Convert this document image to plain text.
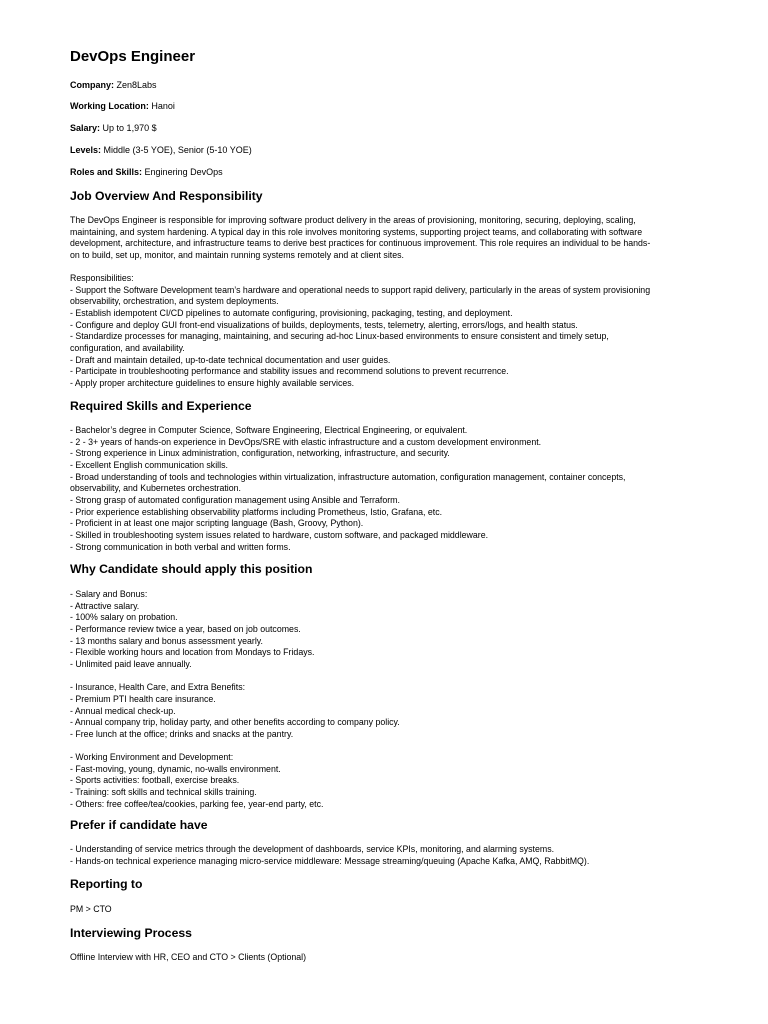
DevOps Engineer
Company: Zen8Labs
Working Location: Hanoi
Salary: Up to 1,970 $
Levels: Middle (3-5 YOE), Senior (5-10 YOE)
Roles and Skills: Enginering DevOps
Job Overview And Responsibility
The DevOps Engineer is responsible for improving software product delivery in the areas of provisioning, monitoring, securing, deploying, scaling,
maintaining, and system hardening. A typical day in this role involves monitoring systems, supporting project teams, and collaborating with software
development, architecture, and infrastructure teams to derive best practices for continuous improvement. This role requires an individual to be hands-
on to build, set up, monitor, and maintain running systems remotely and at client sites.
Responsibilities:
- Support the Software Development team’s hardware and operational needs to support rapid delivery, particularly in the areas of system provisioning
observability, orchestration, and system deployments.
- Establish idempotent CI/CD pipelines to automate configuring, provisioning, packaging, testing, and deployment.
- Configure and deploy GUI front-end visualizations of builds, deployments, tests, telemetry, alerting, errors/logs, and health status.
- Standardize processes for managing, maintaining, and securing ad-hoc Linux-based environments to ensure consistent and timely setup,
configuration, and availability.
- Draft and maintain detailed, up-to-date technical documentation and user guides.
- Participate in troubleshooting performance and stability issues and recommend solutions to prevent recurrence.
- Apply proper architecture guidelines to ensure highly available services.
Required Skills and Experience
- Bachelor’s degree in Computer Science, Software Engineering, Electrical Engineering, or equivalent.
- 2 - 3+ years of hands-on experience in DevOps/SRE with elastic infrastructure and a custom development environment.
- Strong experience in Linux administration, configuration, networking, infrastructure, and security.
- Excellent English communication skills.
- Broad understanding of tools and technologies within virtualization, infrastructure automation, configuration management, container concepts,
observability, and Kubernetes orchestration.
- Strong grasp of automated configuration management using Ansible and Terraform.
- Prior experience establishing observability platforms including Prometheus, Istio, Grafana, etc.
- Proficient in at least one major scripting language (Bash, Groovy, Python).
- Skilled in troubleshooting system issues related to hardware, custom software, and packaged middleware.
- Strong communication in both verbal and written forms.
Why Candidate should apply this position
- Salary and Bonus:
- Attractive salary.
- 100% salary on probation.
- Performance review twice a year, based on job outcomes.
- 13 months salary and bonus assessment yearly.
- Flexible working hours and location from Mondays to Fridays.
- Unlimited paid leave annually.
- Insurance, Health Care, and Extra Benefits:
- Premium PTI health care insurance.
- Annual medical check-up.
- Annual company trip, holiday party, and other benefits according to company policy.
- Free lunch at the office; drinks and snacks at the pantry.
- Working Environment and Development:
- Fast-moving, young, dynamic, no-walls environment.
- Sports activities: football, exercise breaks.
- Training: soft skills and technical skills training.
- Others: free coffee/tea/cookies, parking fee, year-end party, etc.
Prefer if candidate have
- Understanding of service metrics through the development of dashboards, service KPIs, monitoring, and alarming systems.
- Hands-on technical experience managing micro-service middleware: Message streaming/queuing (Apache Kafka, AMQ, RabbitMQ).
Reporting to
PM > CTO
Interviewing Process
Offline Interview with HR, CEO and CTO > Clients (Optional)
